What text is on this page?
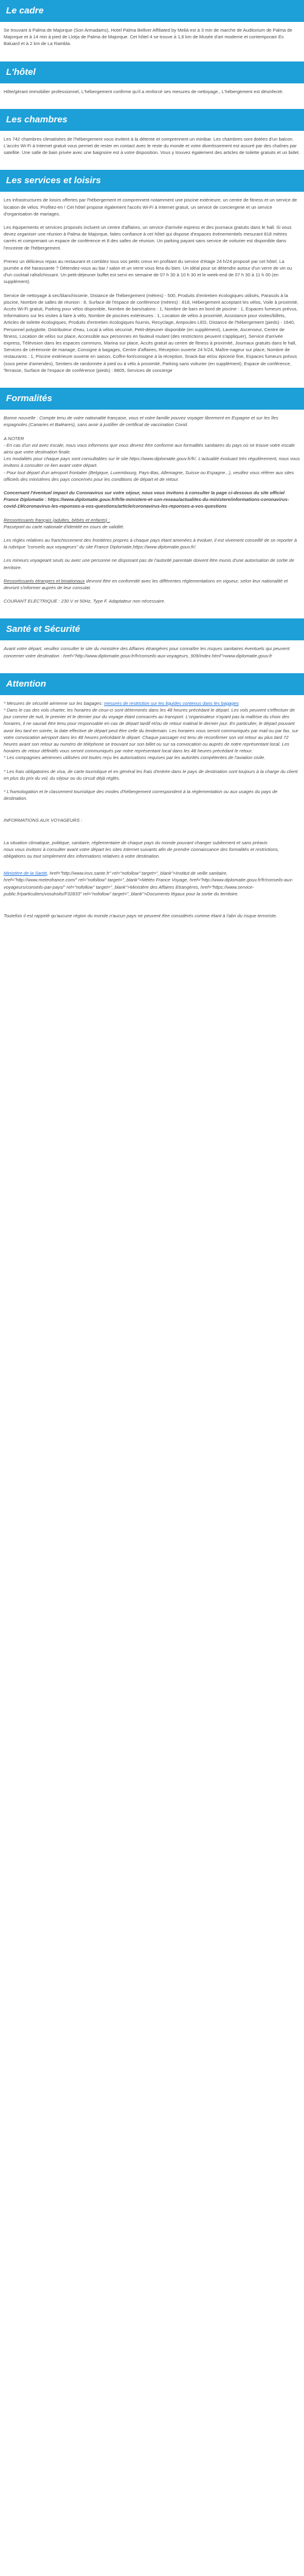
Le cadre

Se trouvant à Palma de Majorque (Son Armadams), Hotel Palma Bellver Affiliated by Meliá est à 3 min de marche de Auditorium de Palma de Majorque et à 14 min à pied de Llotja de Palma de Majorque. Cet hôtel 4 se trouve à 1,6 km de Musée d'art moderne et contemporain Es Baluard et à 2 km de La Rambla.

L'hôtel

Hôte/gérant immobilier professionnel, L'hébergement confirme qu'il a renforcé ses mesures de nettoyage., L'hébergement est désinfecté.

Les chambres

Les 742 chambres climatisées de l'hébergement vous invitent à la détente et comprennent un minibar. Les chambres sont dotées d'un balcon. L'accès Wi-Fi à Internet gratuit vous permet de rester en contact avec le reste du monde et votre divertissement est assuré par des chaînes par satellite. Une salle de bain privée avec une baignoire est à votre disposition. Vous y trouvez également des articles de toilette gratuits et un bidet.

Les services et loisirs

Les infrastructures de loisirs offertes par l'hébergement et comprennent notamment une piscine extérieure, un centre de fitness et un service de location de vélos. Profitez-en ! Cet hôtel propose également l'accès Wi-Fi à Internet gratuit, un service de conciergerie et un service d'organisation de mariages.

Les équipements et services proposés incluent un centre d'affaires, un service d'arrivée express et des journaux gratuits dans le hall. Si vous devez organiser une réunion à Palma de Majorque, faites confiance à cet hôtel qui dispose d'espaces événementiels mesurant 818 mètres carrés et comprenant un espace de conférence et 8 des salles de réunion. Un parking payant sans service de voiturier est disponible dans l'enceinte de l'hébergement.

Prenez un délicieux repas au restaurant et comblez tous vos petits creux en profitant du service d'étage 24 h/24 proposé par cet hôtel. La journée a été harassante ? Détendez-vous au bar / salon et un verre vous fera du bien. Un idéal pour se détendre autour d'un verre de vin ou d'un cocktail rafraîchissant. Un petit-déjeuner buffet est servi en semaine de 07 h 30 à 10 h 30 et le week-end de 07 h 30 à 11 h 00 (en supplément).

Service de nettoyage à sec/blanchisserie, Distance de l'hébergement (mètres) - 500, Produits d'entretien écologiques utilisés, Parasols à la piscine, Nombre de salles de réunion : 8, Surface de l'espace de conférence (mètres) : 818, Hébergement acceptant les vélos, Voile à proximité, Accès Wi-Fi gratuit, Parking pour vélos disponible, Nombre de bars/salons : 1, Nombre de bars en bord de piscine : 1, Espaces fumeurs prévus, Informations sur les visites à faire à vélo, Nombre de piscines extérieures : 1, Location de vélos à proximité, Assistance pour visites/billets, Articles de toilette écologiques, Produits d'entretien écologiques fournis, Recyclage, Ampoules LED, Distance de l'hébergement (pieds) - 1640, Personnel polyglotte, Distributeur d'eau, Local à vélos sécurisé, Petit-déjeuner disponible (en supplément), Laverie, Ascenseur, Centre de fitness, Location de vélos sur place, Accessible aux personnes en fauteuil roulant (des restrictions peuvent s'appliquer), Service d'arrivée express, Télévision dans les espaces communs, Marina sur place, Accès gratuit au centre de fitness à proximité, Journaux gratuits dans le hall, Services de cérémonie de mariage, Consigne à bagages, Centre d'affaires, Réception ouverte 24 h/24, Maître-nageur sur place, Nombre de restaurants : 1, Piscine extérieure ouverte en saison, Coffre-fort/consigne à la réception, Snack-bar et/ou épicerie fine, Espaces fumeurs prévus (sous peine d'amendes), Sentiers de randonnée à pied ou à vélo à proximité, Parking sans voiturier (en supplément), Espace de conférence, Terrasse, Surface de l'espace de conférence (pieds) : 8805, Services de concierge

Formalités

Bonne nouvelle : Compte tenu de votre nationalité française, vous et votre famille pouvez voyager librement en Espagne et sur les îles espagnoles (Canaries et Baléares), sans avoir à justifier de certificat de vaccination Covid.

A NOTER
- En cas d'un vol avec escale, nous vous informons que vous devrez être conforme aux formalités sanitaires du pays où se trouve votre escale ainsi que votre destination finale.
Les modalités pour chaque pays sont consultables sur le site https://www.diplomatie.gouv.fr/fr/. L'actualité évoluant très régulièrement, nous vous invitons à consulter ce lien avant votre départ.
- Pour tout départ d'un aéroport frontalier (Belgique, Luxembourg, Pays-Bas, Allemagne, Suisse ou Espagne...), veuillez vous référer aux sites officiels des ministères des pays concernés pour les conditions de départ et de retour.

Concernant l'éventuel impact du Coronavirus sur votre séjour, nous vous invitons à consulter la page ci-dessous du site officiel France Diplomatie : https://www.diplomatie.gouv.fr/fr/le-ministere-et-son-reseau/actualites-du-ministere/informations-coronavirus-covid-19/coronavirus-les-reponses-a-vos-questions/article/coronavirus-les-reponses-a-vos-questions

Ressortissants français (adultes, bébés et enfants) :
Passeport ou carte nationale d'identité en cours de validité.

Les règles relatives au franchissement des frontières propres à chaque pays étant amenées à évoluer, il est vivement conseillé de se reporter à la rubrique "conseils aux voyageurs" du site France Diplomatie,https://www.diplomatie.gouv.fr/.

Les mineurs voyageant seuls ou avec une personne ne disposant pas de l'autorité parentale doivent être munis d'une autorisation de sortie de territoire.

Ressortissants étrangers et binationaux devront être en conformité avec les différentes réglementations en vigueur, selon leur nationalité et devront s'informer auprès de leur consulat.

COURANT ELECTRIQUE : 230 V et 50Hz, Type F. Adaptateur non nécessaire.

Santé et Sécurité

Avant votre départ, veuillez consulter le site du ministère des Affaires étrangères pour connaître les risques sanitaires éventuels qui peuvent concerner votre destination : href="http://www.diplomatie.gouv.fr/fr/conseils-aux-voyageurs_909/index.html">www.diplomatie.gouv.fr

Attention

* Mesures de sécurité aérienne sur les bagages: mesures de restriction sur les liquides contenus dans les bagages
* Dans le cas des vols charter, les horaires de ceux-ci sont déterminés dans les 48 heures précédant le départ. Les vols peuvent s'effectuer de jour comme de nuit, le premier et le dernier jour du voyage étant consacrés au transport. L'organisateur n'ayant pas la maîtrise du choix des horaires, il ne saurait être tenu pour responsable en cas de départ tardif et/ou de retour matinal le dernier jour. En particulier, le départ pouvant avoir lieu tard en soirée, la date effective de départ peut être celle du lendemain. Les horaires vous seront communiqués par mail ou par fax, sur votre convocation aéroport dans les 48 heures précédant le départ. Chaque passager est tenu de reconfirmer son vol retour au plus tard 72 heures avant son retour au numéro de téléphone se trouvant sur son billet ou sur sa convocation ou auprès de notre représentant local. Les horaires de retour définitifs vous seront communiqués par notre représentant local dans les 48 heures précédant le retour.
* Les compagnies aériennes utilisées ont toutes reçu les autorisations requises par les autorités compétentes de l'aviation civile.

* Les frais obligatoires de visa, de carte touristique et en général les frais d'entrée dans le pays de destination sont toujours à la charge du client en plus du prix du vol, du séjour ou du circuit déjà réglés.

* L'homologation et le classement touristique des modes d'hébergement correspondent à la réglementation ou aux usages du pays de destination.

INFORMATIONS AUX VOYAGEURS :

La situation climatique, politique, sanitaire, réglementaire de chaque pays du monde pouvant changer subitement et sans préavis
nous vous invitons à consulter avant votre départ les sites Internet suivants afin de prendre connaissance des formalités et restrictions, obligations ou tout simplement des informations relatives à votre destination.

Ministère de la Santé, href="http://www.invs.sante.fr" rel="nofollow" target="_blank">Institut de veille sanitaire, href="http://www.meteofrance.com/" rel="nofollow" target="_blank">Météo France Voyage, href="http://www.diplomatie.gouv.fr/fr/conseils-aux-voyageurs/conseils-par-pays/" rel="nofollow" target="_blank">Ministère des Affaires Etrangères, href="https://www.service-public.fr/particuliers/vosdroits/F32833" rel="nofollow" target="_blank">Documents légaux pour la sortie du territoire.

Toutefois il est rappelé qu'aucune région du monde n'aucun pays ne peuvent être considérés comme étant à l'abri du risque terroriste.
